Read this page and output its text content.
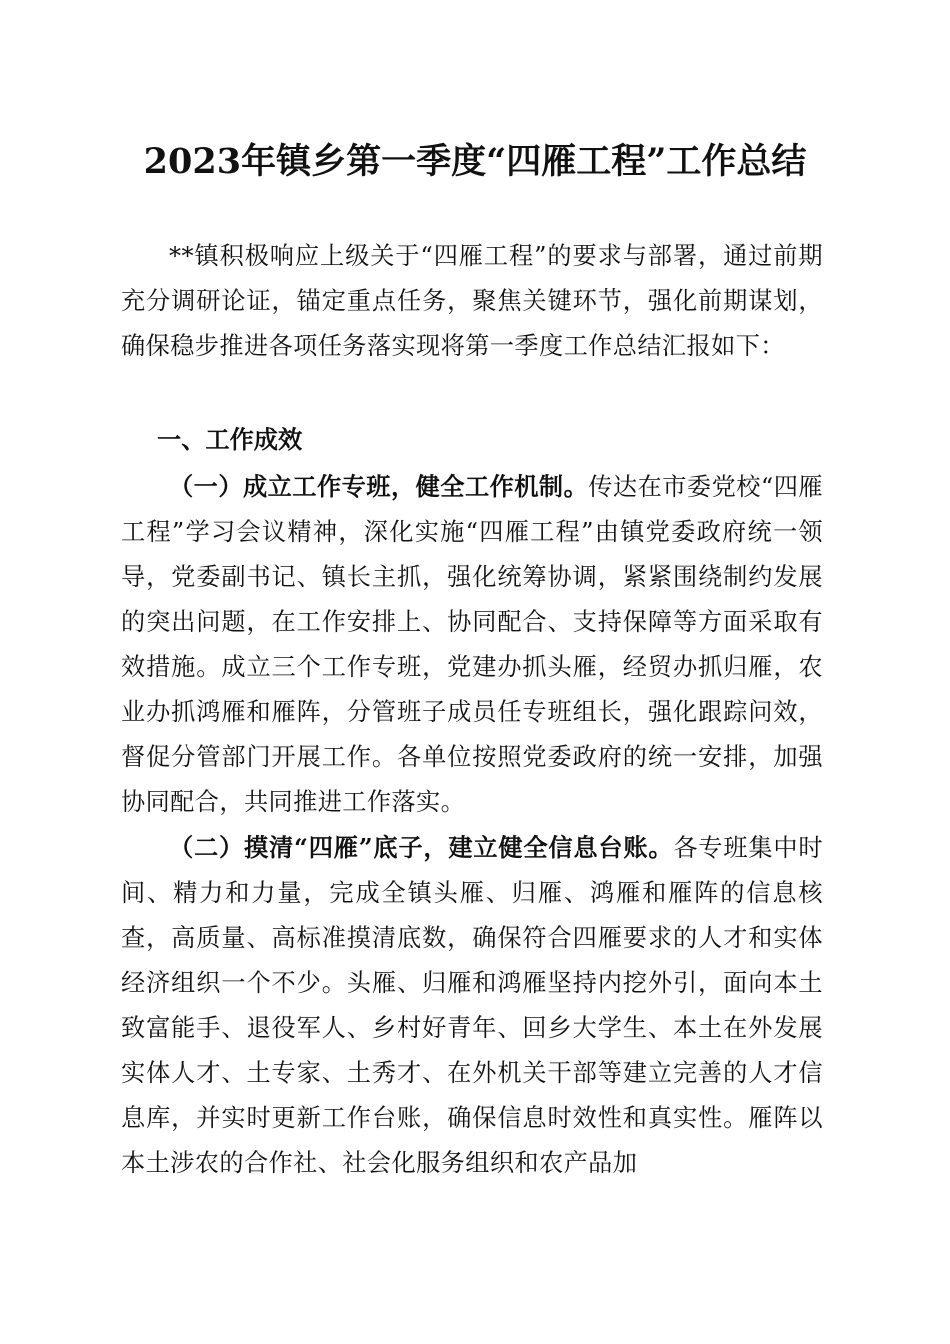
2023年镇乡第一季度“四雁工程”工作总结

**镇积极响应上级关于“四雁工程”的要求与部署，通过前期充分调研论证，锚定重点任务，聚焦关键环节，强化前期谋划，确保稳步推进各项任务落实现将第一季度工作总结汇报如下：

一、工作成效

（一）成立工作专班，健全工作机制。传达在市委党校“四雁工程”学习会议精神，深化实施“四雁工程”由镇党委政府统一领导，党委副书记、镇长主抓，强化统筹协调，紧紧围绕制约发展的突出问题，在工作安排上、协同配合、支持保障等方面采取有效措施。成立三个工作专班，党建办抓头雁，经贸办抓归雁，农业办抓鸿雁和雁阵，分管班子成员任专班组长，强化跟踪问效，督促分管部门开展工作。各单位按照党委政府的统一安排，加强协同配合，共同推进工作落实。

（二）摸清“四雁”底子，建立健全信息台账。各专班集中时间、精力和力量，完成全镇头雁、归雁、鸿雁和雁阵的信息核查，高质量、高标准摸清底数，确保符合四雁要求的人才和实体经济组织一个不少。头雁、归雁和鸿雁坚持内挖外引，面向本土致富能手、退役军人、乡村好青年、回乡大学生、本土在外发展实体人才、土专家、土秀才、在外机关干部等建立完善的人才信息库，并实时更新工作台账，确保信息时效性和真实性。雁阵以本土涉农的合作社、社会化服务组织和农产品加
